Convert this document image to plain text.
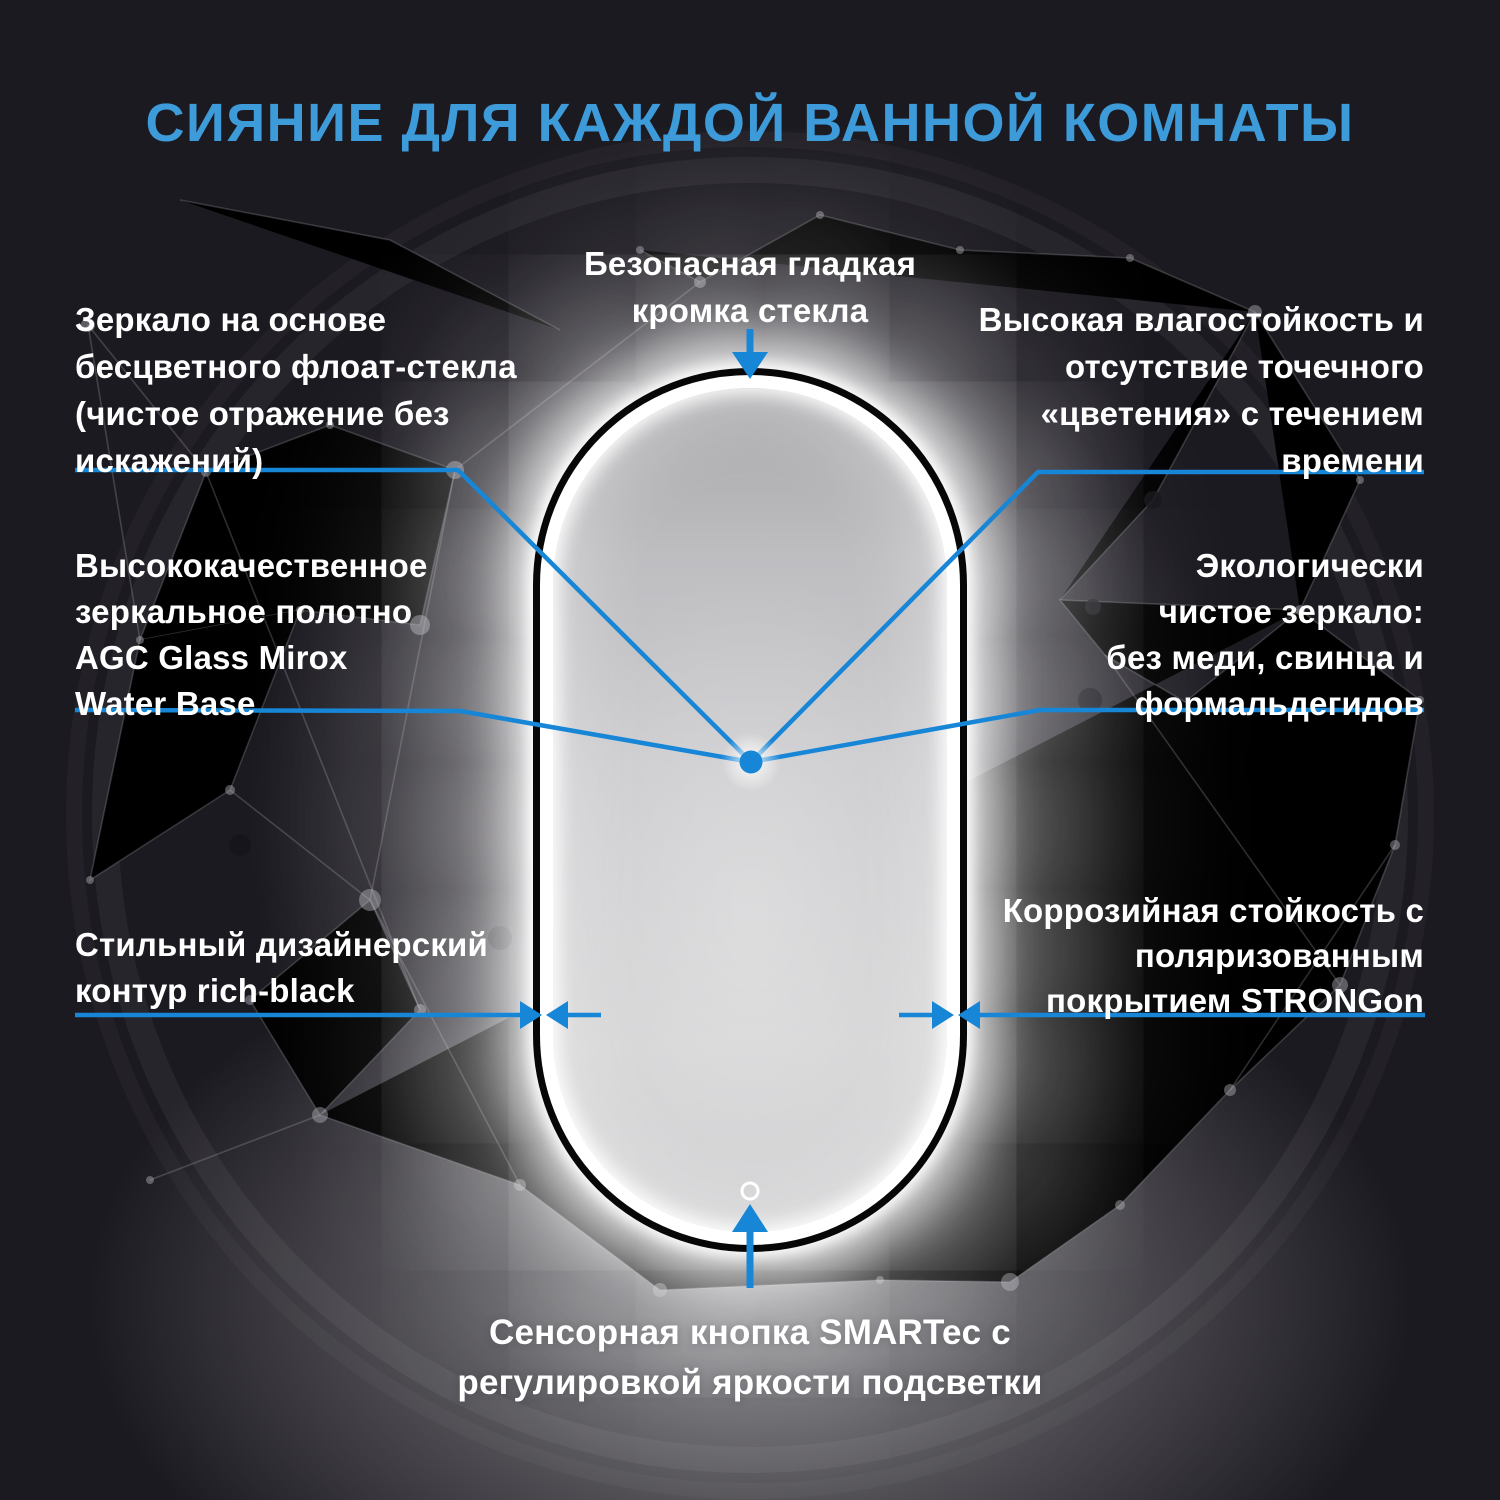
СИЯНИЕ ДЛЯ КАЖДОЙ ВАННОЙ КОМНАТЫ
Безопасная гладкая
кромка стекла
Зеркало на основе
бесцветного флоат-стекла
(чистое отражение без
искажений)
Высокая влагостойкость и
отсутствие точечного
«цветения» с течением
времени
Высококачественное
зеркальное полотно
AGC Glass Mirox
Water Base
Экологически
чистое зеркало:
без меди, свинца и
формальдегидов
Стильный дизайнерский
контур rich-black
Коррозийная стойкость с
поляризованным
покрытием STRONGon
Сенсорная кнопка SMARTec с
регулировкой яркости подсветки
